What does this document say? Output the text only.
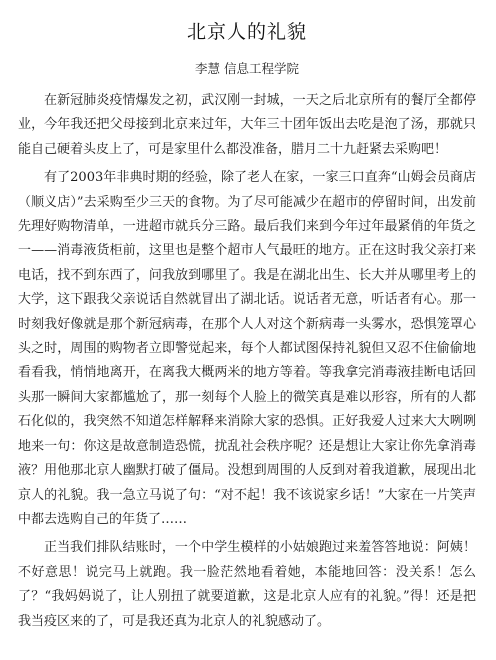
北京人的礼貌
李慧 信息工程学院

在新冠肺炎疫情爆发之初，武汉刚一封城，一天之后北京所有的餐厅全都停业，今年我还把父母接到北京来过年，大年三十团年饭出去吃是泡了汤，那就只能自己硬着头皮上了，可是家里什么都没准备，腊月二十九赶紧去采购吧！

有了2003年非典时期的经验，除了老人在家，一家三口直奔“山姆会员商店（顺义店）”去采购至少三天的食物。为了尽可能减少在超市的停留时间，出发前先理好购物清单，一进超市就兵分三路。最后我们来到今年过年最紧俏的年货之一——消毒液货柜前，这里也是整个超市人气最旺的地方。正在这时我父亲打来电话，找不到东西了，问我放到哪里了。我是在湖北出生、长大并从哪里考上的大学，这下跟我父亲说话自然就冒出了湖北话。说话者无意，听话者有心。那一时刻我好像就是那个新冠病毒，在那个人人对这个新病毒一头雾水，恐惧笼罩心头之时，周围的购物者立即警觉起来，每个人都试图保持礼貌但又忍不住偷偷地看看我，悄悄地离开，在离我大概两米的地方等着。等我拿完消毒液挂断电话回头那一瞬间大家都尴尬了，那一刻每个人脸上的微笑真是难以形容，所有的人都石化似的，我突然不知道怎样解释来消除大家的恐惧。正好我爱人过来大大咧咧地来一句：你这是故意制造恐慌，扰乱社会秩序呢？还是想让大家让你先拿消毒液？用他那北京人幽默打破了僵局。没想到周围的人反到对着我道歉，展现出北京人的礼貌。我一急立马说了句：“对不起！我不该说家乡话！”大家在一片笑声中都去选购自己的年货了……

正当我们排队结账时，一个中学生模样的小姑娘跑过来羞答答地说：阿姨！不好意思！说完马上就跑。我一脸茫然地看着她，本能地回答：没关系！怎么了？“我妈妈说了，让人别扭了就要道歉，这是北京人应有的礼貌。”得！还是把我当疫区来的了，可是我还真为北京人的礼貌感动了。
